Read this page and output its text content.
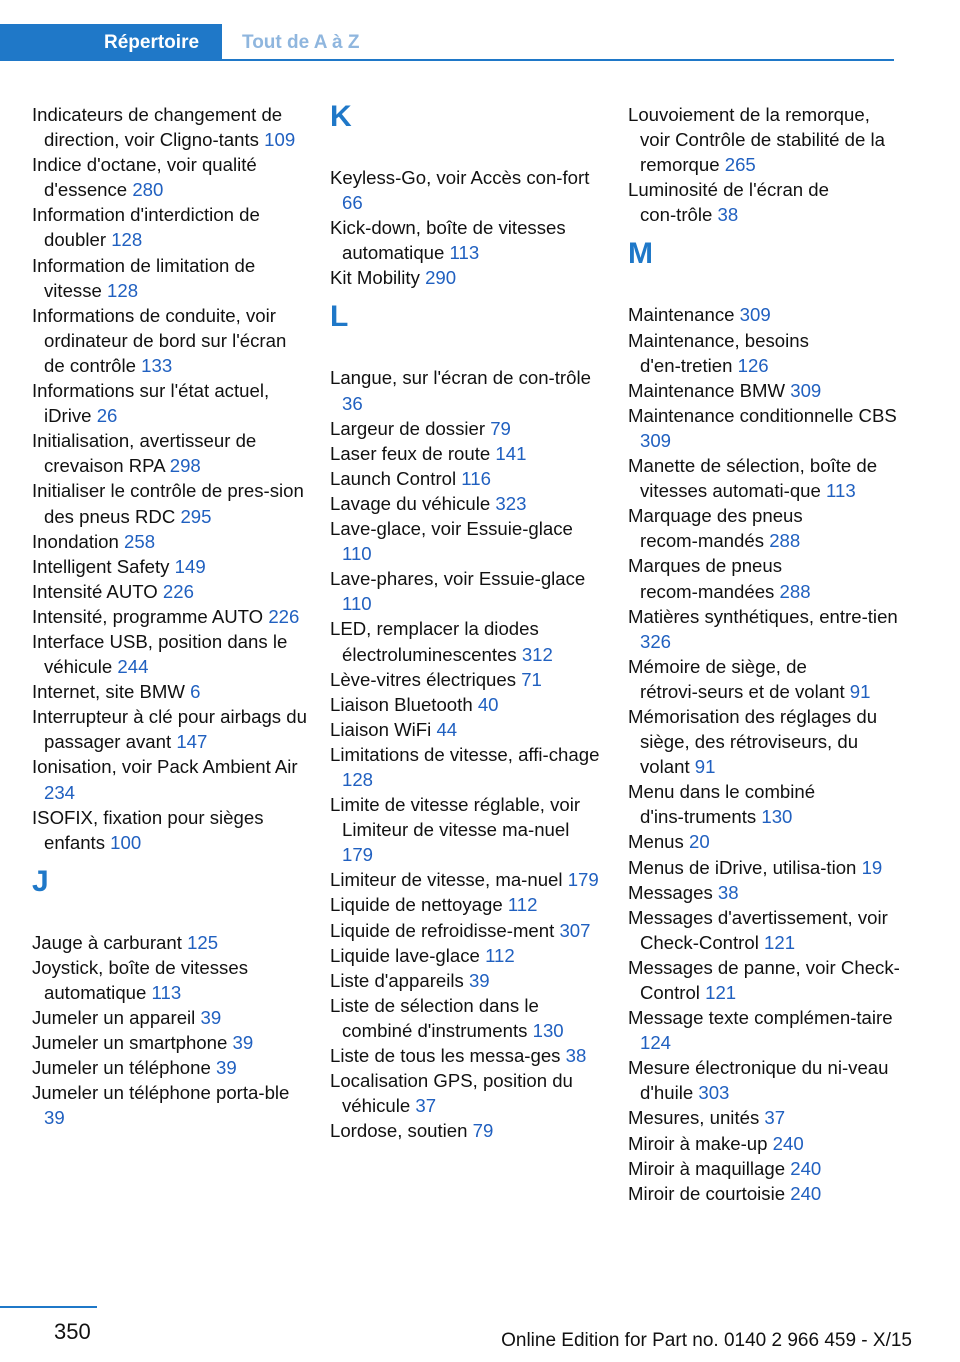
Répertoire	Tout de A à Z
Indicateurs de changement de direction, voir Cligno‑tants 109
Indice d'octane, voir qualité d'essence 280
Information d'interdiction de doubler 128
Information de limitation de vitesse 128
Informations de conduite, voir ordinateur de bord sur l'écran de contrôle 133
Informations sur l'état actuel, iDrive 26
Initialisation, avertisseur de crevaison RPA 298
Initialiser le contrôle de pres‑sion des pneus RDC 295
Inondation 258
Intelligent Safety 149
Intensité AUTO 226
Intensité, programme AUTO 226
Interface USB, position dans le véhicule 244
Internet, site BMW 6
Interrupteur à clé pour airbags du passager avant 147
Ionisation, voir Pack Ambient Air 234
ISOFIX, fixation pour sièges enfants 100
J
Jauge à carburant 125
Joystick, boîte de vitesses automatique 113
Jumeler un appareil 39
Jumeler un smartphone 39
Jumeler un téléphone 39
Jumeler un téléphone porta‑ble 39
K
Keyless-Go, voir Accès con‑fort 66
Kick-down, boîte de vitesses automatique 113
Kit Mobility 290
L
Langue, sur l'écran de con‑trôle 36
Largeur de dossier 79
Laser feux de route 141
Launch Control 116
Lavage du véhicule 323
Lave-glace, voir Essuie‑glace 110
Lave-phares, voir Essuie‑glace 110
LED, remplacer la diodes électroluminescentes 312
Lève-vitres électriques 71
Liaison Bluetooth 40
Liaison WiFi 44
Limitations de vitesse, affi‑chage 128
Limite de vitesse réglable, voir Limiteur de vitesse ma‑nuel 179
Limiteur de vitesse, ma‑nuel 179
Liquide de nettoyage 112
Liquide de refroidisse‑ment 307
Liquide lave-glace 112
Liste d'appareils 39
Liste de sélection dans le combiné d'instruments 130
Liste de tous les messa‑ges 38
Localisation GPS, position du véhicule 37
Lordose, soutien 79
Louvoiement de la remorque, voir Contrôle de stabilité de la remorque 265
Luminosité de l'écran de con‑trôle 38
M
Maintenance 309
Maintenance, besoins d'en‑tretien 126
Maintenance BMW 309
Maintenance conditionnelle CBS 309
Manette de sélection, boîte de vitesses automati‑que 113
Marquage des pneus recom‑mandés 288
Marques de pneus recom‑mandées 288
Matières synthétiques, entre‑tien 326
Mémoire de siège, de rétrovi‑seurs et de volant 91
Mémorisation des réglages du siège, des rétroviseurs, du volant 91
Menu dans le combiné d'ins‑truments 130
Menus 20
Menus de iDrive, utilisa‑tion 19
Messages 38
Messages d'avertissement, voir Check-Control 121
Messages de panne, voir Check-Control 121
Message texte complémen‑taire 124
Mesure électronique du ni‑veau d'huile 303
Mesures, unités 37
Miroir à make-up 240
Miroir à maquillage 240
Miroir de courtoisie 240
350	Online Edition for Part no. 0140 2 966 459 - X/15
